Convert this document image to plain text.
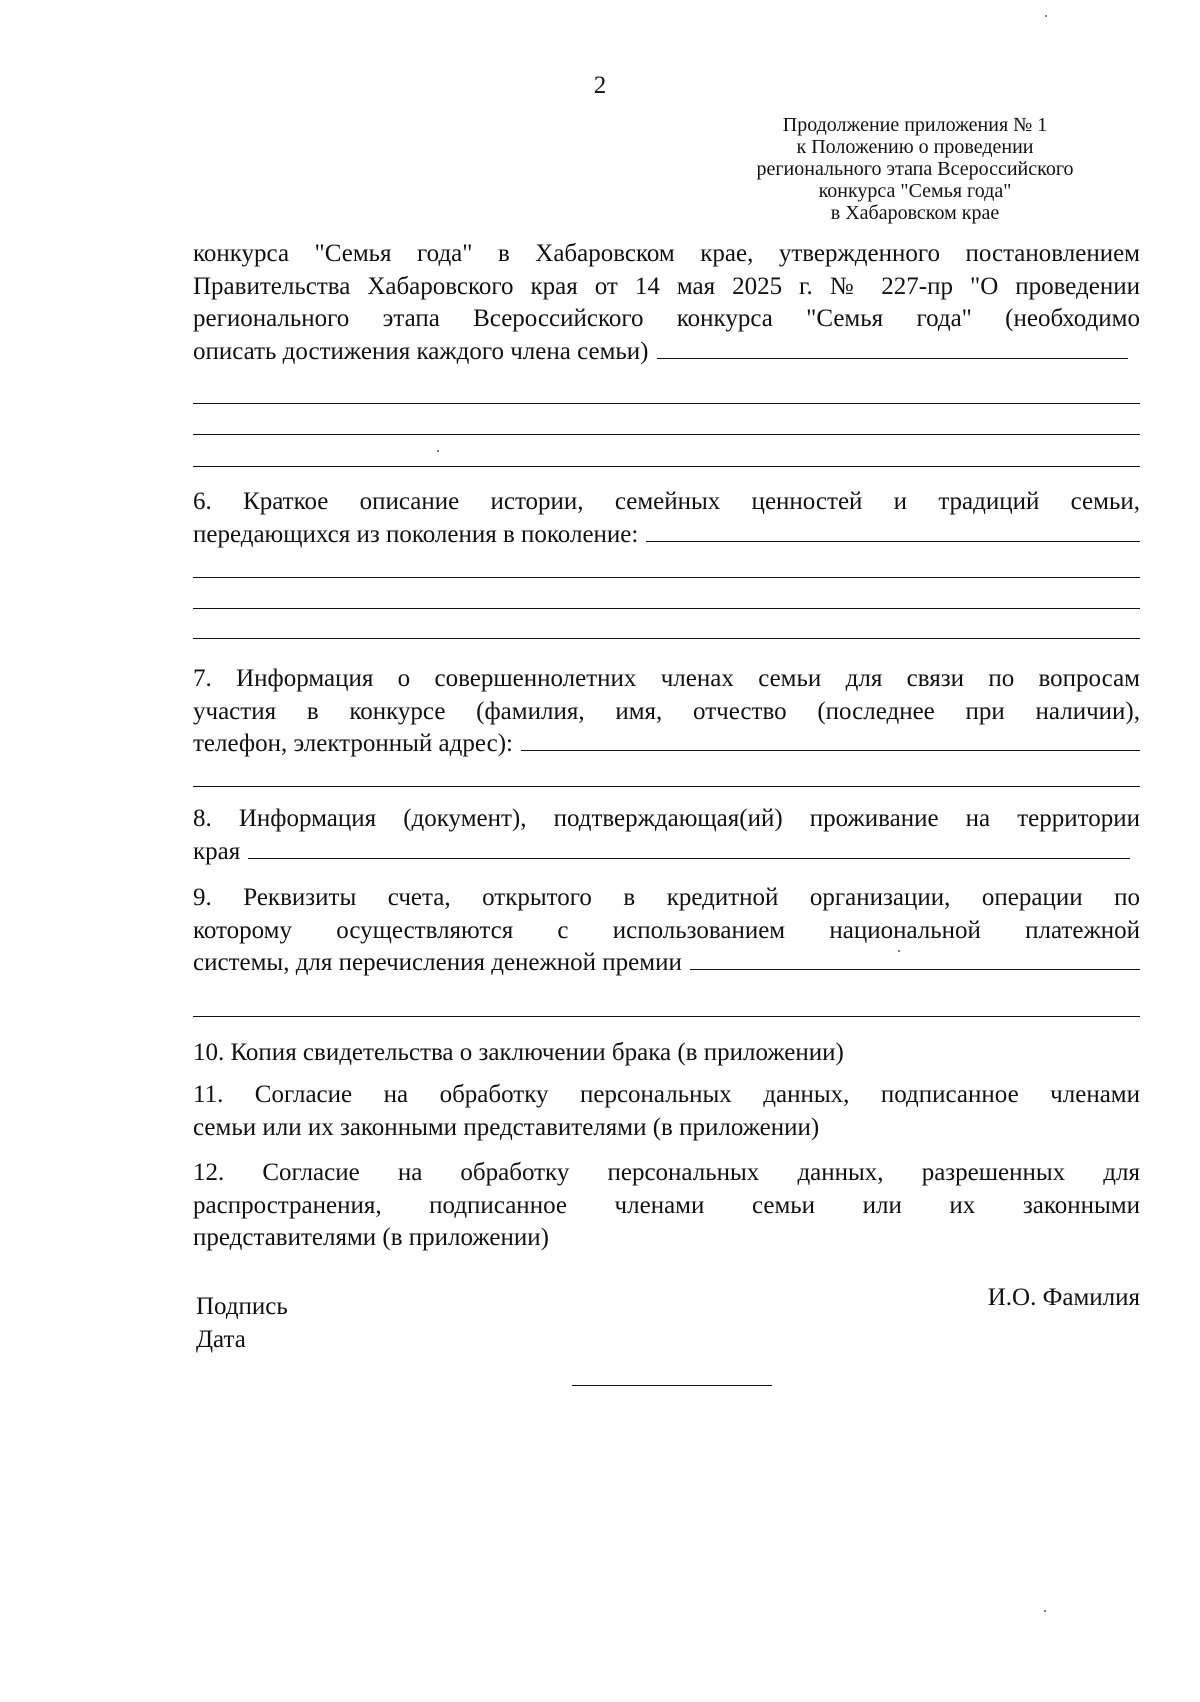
2
Продолжение приложения № 1
к Положению о проведении
регионального этапа Всероссийского
конкурса "Семья года"
в Хабаровском крае
конкурса "Семья года" в Хабаровском крае, утвержденного постановлением
Правительства Хабаровского края от 14 мая 2025 г. № 227-пр "О проведении
регионального этапа Всероссийского конкурса "Семья года" (необходимо
описать достижения каждого члена семьи)
6. Краткое описание истории, семейных ценностей и традиций семьи,
передающихся из поколения в поколение:
7. Информация о совершеннолетних членах семьи для связи по вопросам
участия в конкурсе (фамилия, имя, отчество (последнее при наличии),
телефон, электронный адрес):
8. Информация (документ), подтверждающая(ий) проживание на территории
края
9. Реквизиты счета, открытого в кредитной организации, операции по
которому осуществляются с использованием национальной платежной
системы, для перечисления денежной премии
10. Копия свидетельства о заключении брака (в приложении)
11. Согласие на обработку персональных данных, подписанное членами
семьи или их законными представителями (в приложении)
12. Согласие на обработку персональных данных, разрешенных для
распространения, подписанное членами семьи или их законными
представителями (в приложении)
Подпись
Дата
И.О. Фамилия
